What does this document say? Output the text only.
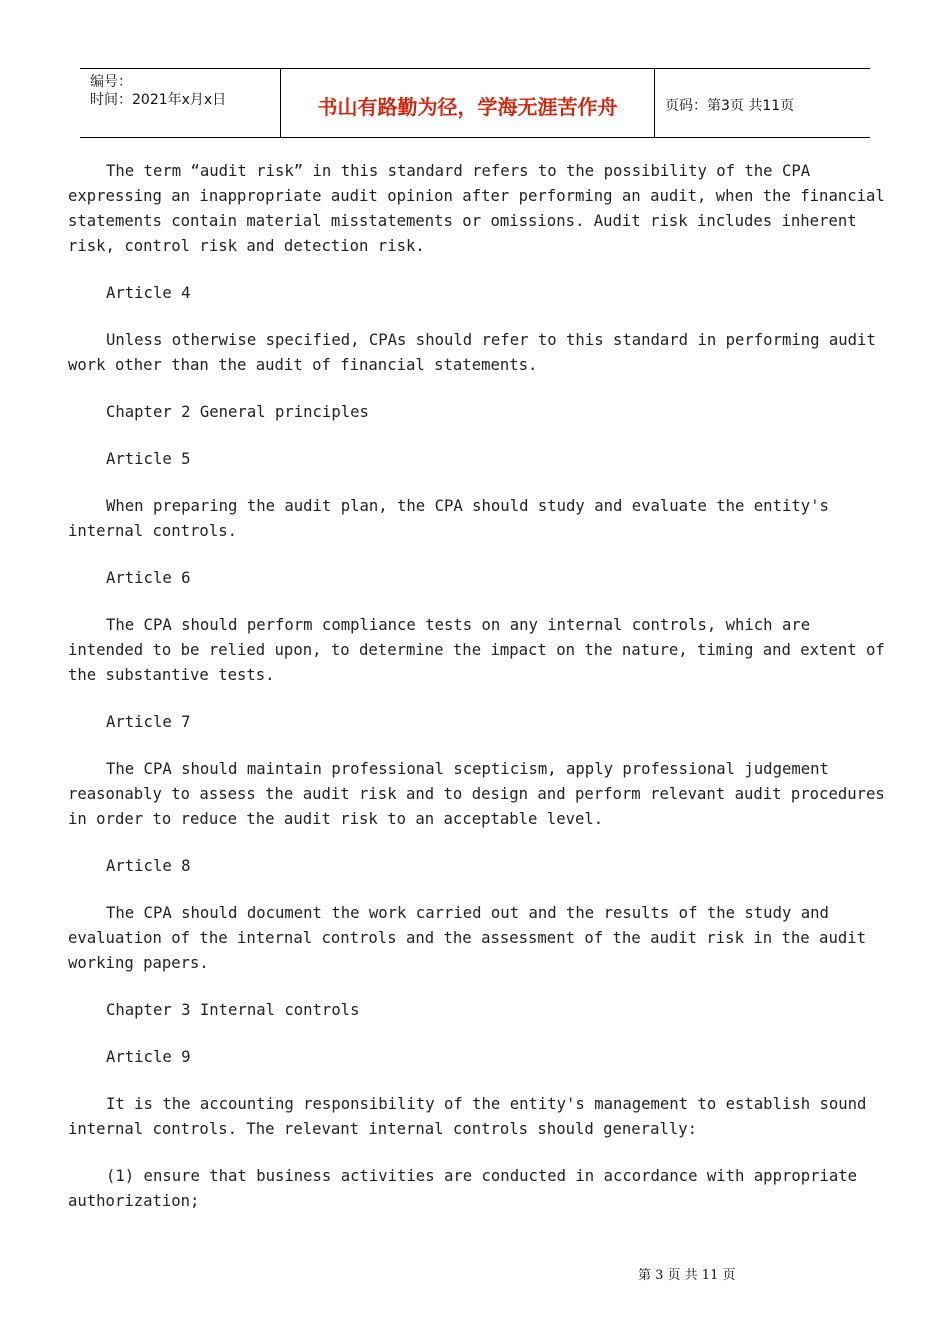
编号：
时间：2021年x月x日	书山有路勤为径，学海无涯苦作舟	页码：第3页 共11页

The term “audit risk” in this standard refers to the possibility of the CPA expressing an inappropriate audit opinion after performing an audit, when the financial statements contain material misstatements or omissions. Audit risk includes inherent risk, control risk and detection risk.

Article 4

Unless otherwise specified, CPAs should refer to this standard in performing audit work other than the audit of financial statements.

Chapter 2 General principles

Article 5

When preparing the audit plan, the CPA should study and evaluate the entity's internal controls.

Article 6

The CPA should perform compliance tests on any internal controls, which are intended to be relied upon, to determine the impact on the nature, timing and extent of the substantive tests.

Article 7

The CPA should maintain professional scepticism, apply professional judgement reasonably to assess the audit risk and to design and perform relevant audit procedures in order to reduce the audit risk to an acceptable level.

Article 8

The CPA should document the work carried out and the results of the study and evaluation of the internal controls and the assessment of the audit risk in the audit working papers.

Chapter 3 Internal controls

Article 9

It is the accounting responsibility of the entity's management to establish sound internal controls. The relevant internal controls should generally:

(1) ensure that business activities are conducted in accordance with appropriate authorization;

第 3 页 共 11 页
